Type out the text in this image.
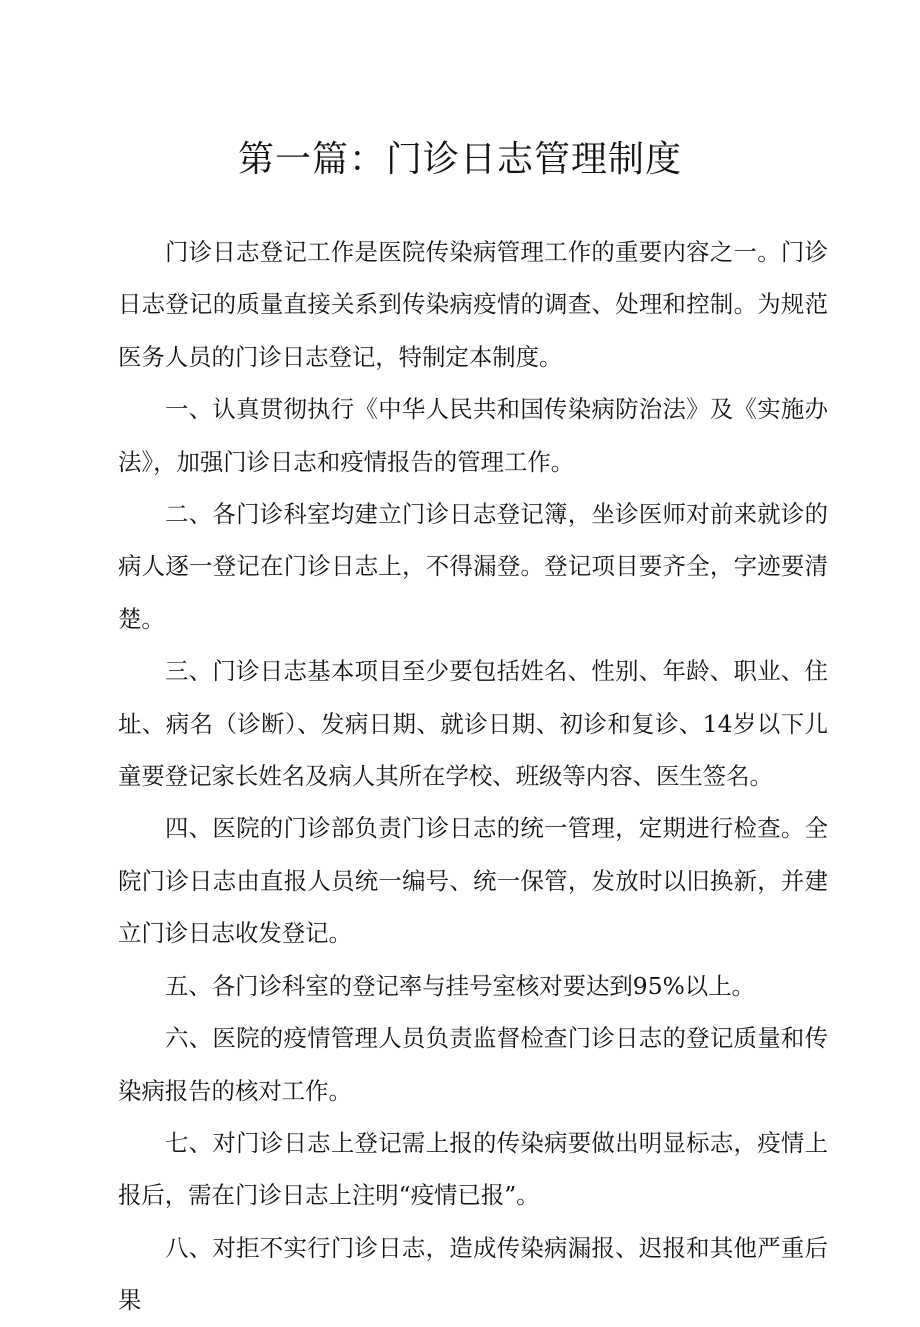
第一篇：门诊日志管理制度

门诊日志登记工作是医院传染病管理工作的重要内容之一。门诊日志登记的质量直接关系到传染病疫情的调查、处理和控制。为规范医务人员的门诊日志登记，特制定本制度。

一、认真贯彻执行《中华人民共和国传染病防治法》及《实施办法》，加强门诊日志和疫情报告的管理工作。

二、各门诊科室均建立门诊日志登记簿，坐诊医师对前来就诊的病人逐一登记在门诊日志上，不得漏登。登记项目要齐全，字迹要清楚。

三、门诊日志基本项目至少要包括姓名、性别、年龄、职业、住址、病名（诊断）、发病日期、就诊日期、初诊和复诊、14岁以下儿童要登记家长姓名及病人其所在学校、班级等内容、医生签名。

四、医院的门诊部负责门诊日志的统一管理，定期进行检查。全院门诊日志由直报人员统一编号、统一保管，发放时以旧换新，并建立门诊日志收发登记。

五、各门诊科室的登记率与挂号室核对要达到95%以上。

六、医院的疫情管理人员负责监督检查门诊日志的登记质量和传染病报告的核对工作。

七、对门诊日志上登记需上报的传染病要做出明显标志，疫情上报后，需在门诊日志上注明“疫情已报”。

八、对拒不实行门诊日志，造成传染病漏报、迟报和其他严重后果
